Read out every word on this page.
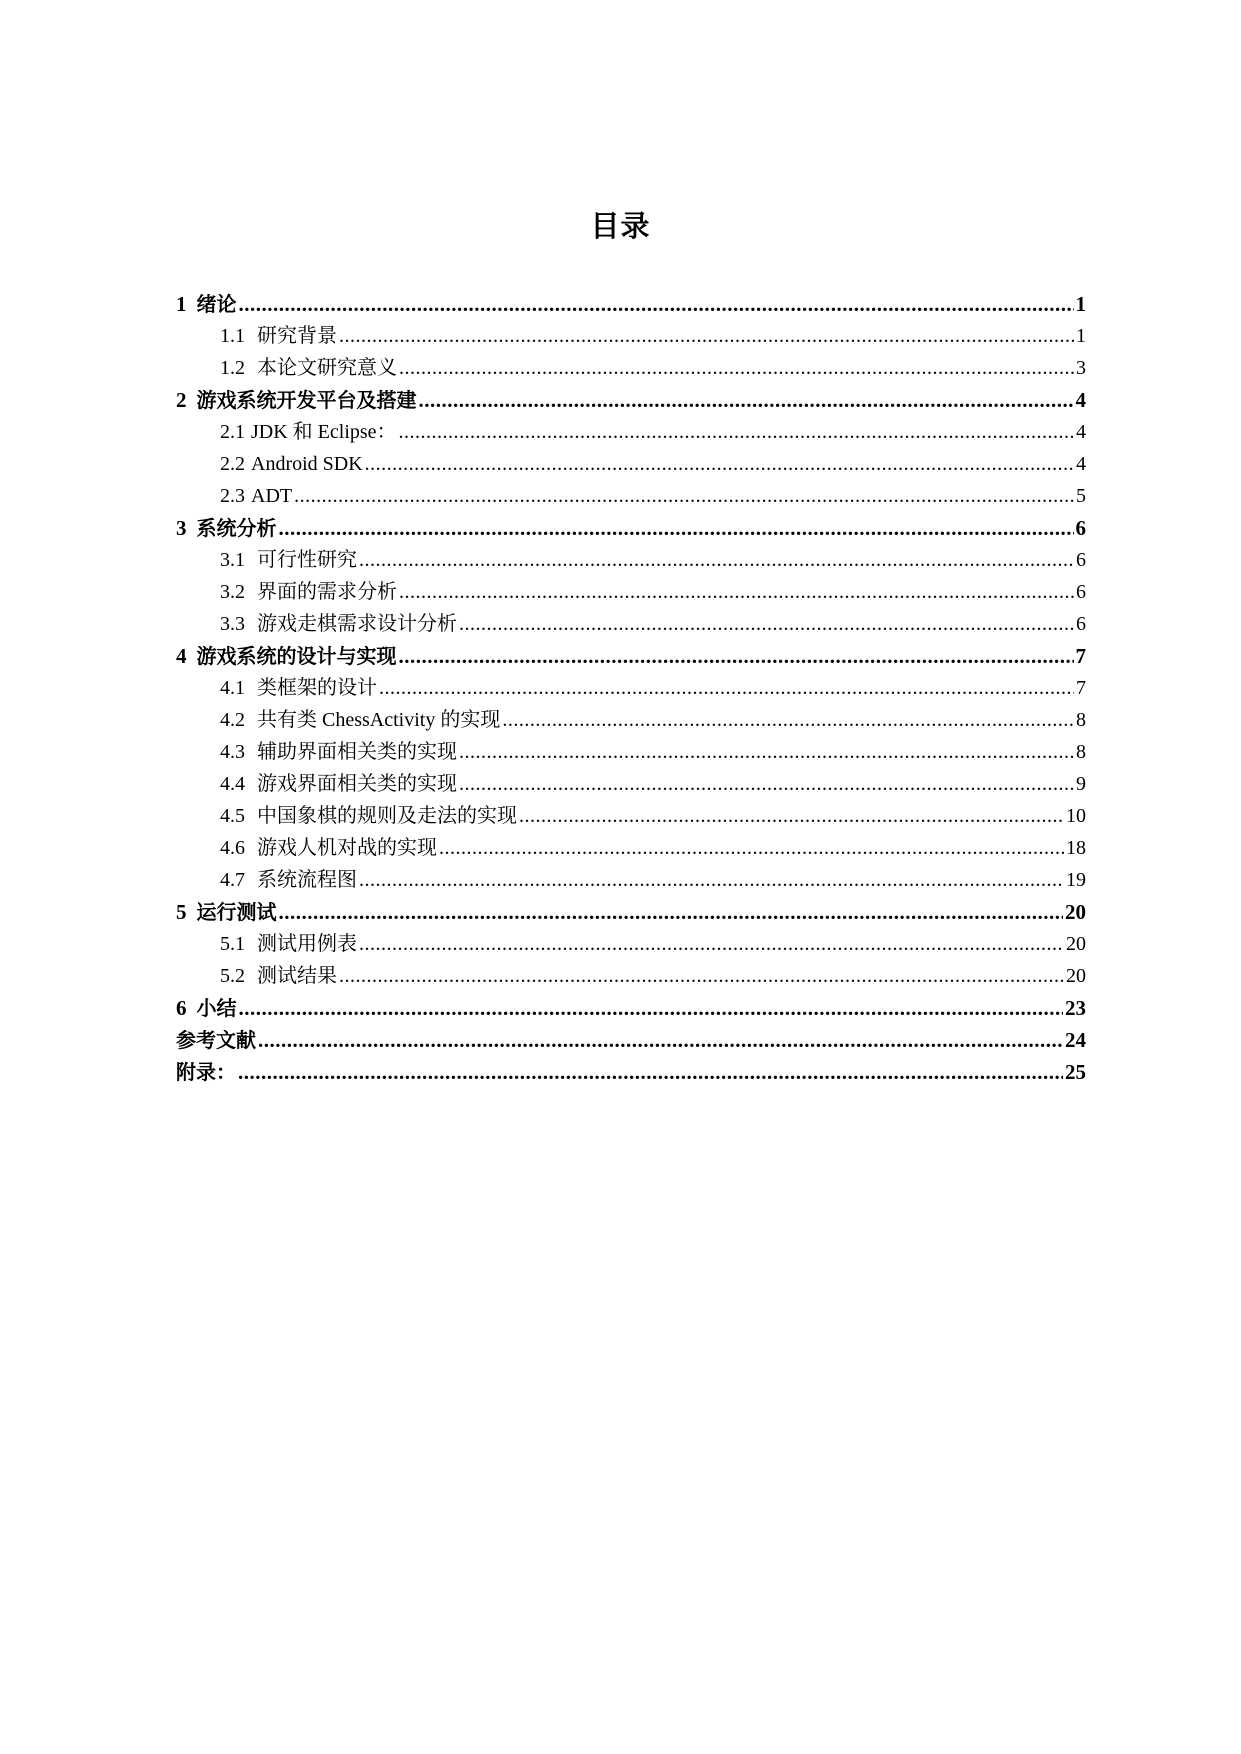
目录
1 绪论 .....	1
1.1 研究背景 .....	1
1.2 本论文研究意义 .....	3
2 游戏系统开发平台及搭建 .....	4
2.1 JDK 和 Eclipse： .....	4
2.2 Android SDK .....	4
2.3 ADT .....	5
3 系统分析 .....	6
3.1 可行性研究 .....	6
3.2 界面的需求分析 .....	6
3.3 游戏走棋需求设计分析 .....	6
4 游戏系统的设计与实现 .....	7
4.1 类框架的设计 .....	7
4.2 共有类 ChessActivity 的实现 .....	8
4.3 辅助界面相关类的实现 .....	8
4.4 游戏界面相关类的实现 .....	9
4.5 中国象棋的规则及走法的实现 .....	10
4.6 游戏人机对战的实现 .....	18
4.7 系统流程图 .....	19
5 运行测试 .....	20
5.1 测试用例表 .....	20
5.2 测试结果 .....	20
6 小结 .....	23
参考文献 .....	24
附录： .....	25
